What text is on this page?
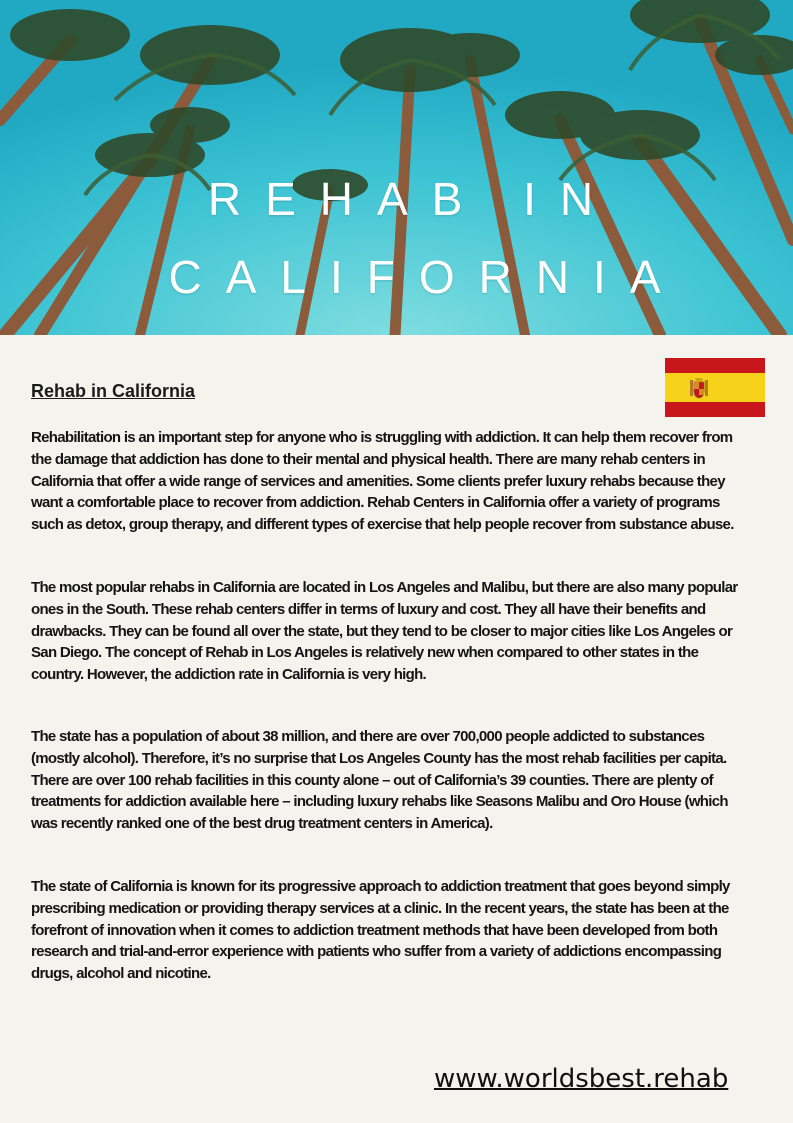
REHAB IN
CALIFORNIA
Rehab in California

Rehabilitation is an important step for anyone who is struggling with addiction. It can help them recover from the damage that addiction has done to their mental and physical health. There are many rehab centers in California that offer a wide range of services and amenities. Some clients prefer luxury rehabs because they want a comfortable place to recover from addiction. Rehab Centers in California offer a variety of programs such as detox, group therapy, and different types of exercise that help people recover from substance abuse.

The most popular rehabs in California are located in Los Angeles and Malibu, but there are also many popular ones in the South. These rehab centers differ in terms of luxury and cost. They all have their benefits and drawbacks. They can be found all over the state, but they tend to be closer to major cities like Los Angeles or San Diego. The concept of Rehab in Los Angeles is relatively new when compared to other states in the country. However, the addiction rate in California is very high.

The state has a population of about 38 million, and there are over 700,000 people addicted to substances (mostly alcohol). Therefore, it’s no surprise that Los Angeles County has the most rehab facilities per capita. There are over 100 rehab facilities in this county alone – out of California’s 39 counties. There are plenty of treatments for addiction available here – including luxury rehabs like Seasons Malibu and Oro House (which was recently ranked one of the best drug treatment centers in America).

The state of California is known for its progressive approach to addiction treatment that goes beyond simply prescribing medication or providing therapy services at a clinic. In the recent years, the state has been at the forefront of innovation when it comes to addiction treatment methods that have been developed from both research and trial-and-error experience with patients who suffer from a variety of addictions encompassing drugs, alcohol and nicotine.

www.worldsbest.rehab
